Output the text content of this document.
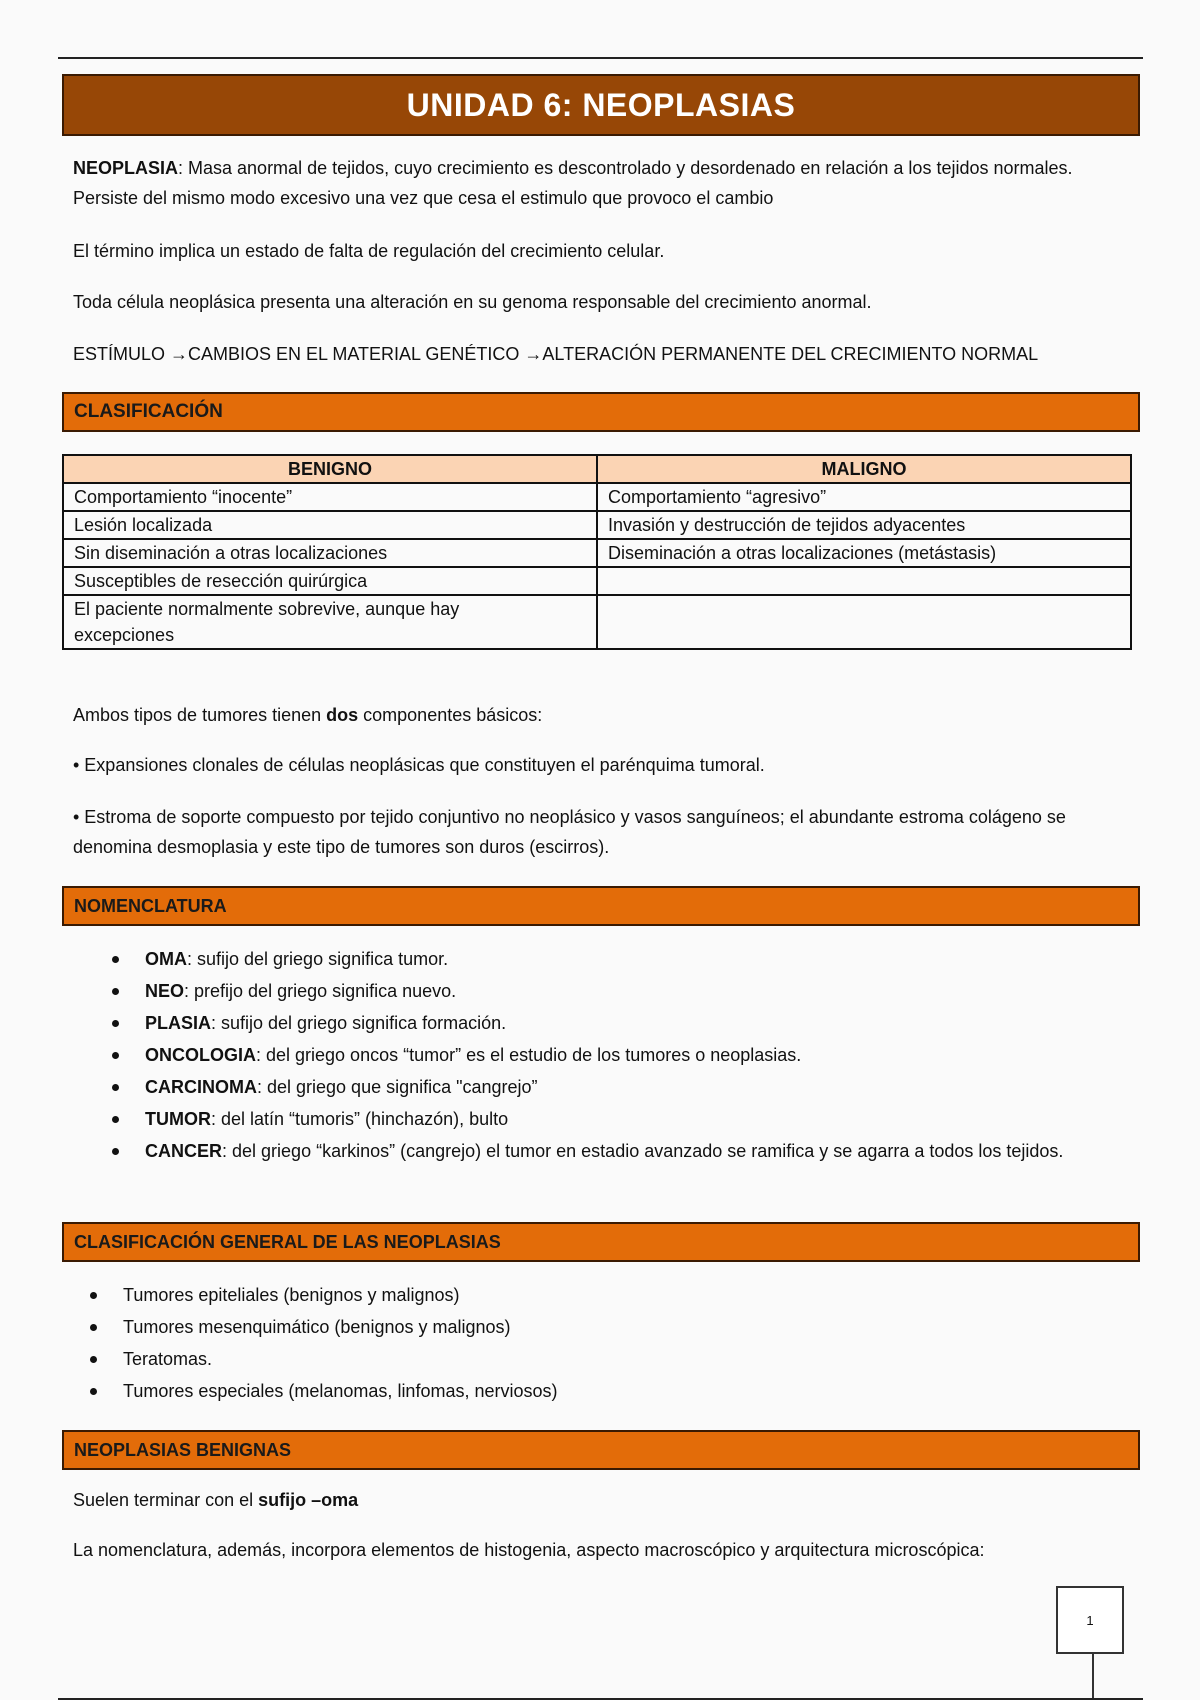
UNIDAD 6: NEOPLASIAS
NEOPLASIA: Masa anormal de tejidos, cuyo crecimiento es descontrolado y desordenado en relación a los tejidos normales. Persiste del mismo modo excesivo una vez que cesa el estimulo que provoco el cambio
El término implica un estado de falta de regulación del crecimiento celular.
Toda célula neoplásica presenta una alteración en su genoma responsable del crecimiento anormal.
ESTÍMULO →CAMBIOS EN EL MATERIAL GENÉTICO →ALTERACIÓN PERMANENTE DEL CRECIMIENTO NORMAL
CLASIFICACIÓN
BENIGNO	MALIGNO
Comportamiento “inocente”	Comportamiento “agresivo”
Lesión localizada	Invasión y destrucción de tejidos adyacentes
Sin diseminación a otras localizaciones	Diseminación a otras localizaciones (metástasis)
Susceptibles de resección quirúrgica	
El paciente normalmente sobrevive, aunque hay excepciones	
Ambos tipos de tumores tienen dos componentes básicos:
• Expansiones clonales de células neoplásicas que constituyen el parénquima tumoral.
• Estroma de soporte compuesto por tejido conjuntivo no neoplásico y vasos sanguíneos; el abundante estroma colágeno se denomina desmoplasia y este tipo de tumores son duros (escirros).
NOMENCLATURA
OMA: sufijo del griego significa tumor.
NEO: prefijo del griego significa nuevo.
PLASIA: sufijo del griego significa formación.
ONCOLOGIA: del griego oncos “tumor” es el estudio de los tumores o neoplasias.
CARCINOMA: del griego que significa "cangrejo”
TUMOR: del latín “tumoris” (hinchazón), bulto
CANCER: del griego “karkinos” (cangrejo) el tumor en estadio avanzado se ramifica y se agarra a todos los tejidos.
CLASIFICACIÓN GENERAL DE LAS NEOPLASIAS
Tumores epiteliales (benignos y malignos)
Tumores mesenquimático (benignos y malignos)
Teratomas.
Tumores especiales (melanomas, linfomas, nerviosos)
NEOPLASIAS BENIGNAS
Suelen terminar con el sufijo –oma
La nomenclatura, además, incorpora elementos de histogenia, aspecto macroscópico y arquitectura microscópica:
1
